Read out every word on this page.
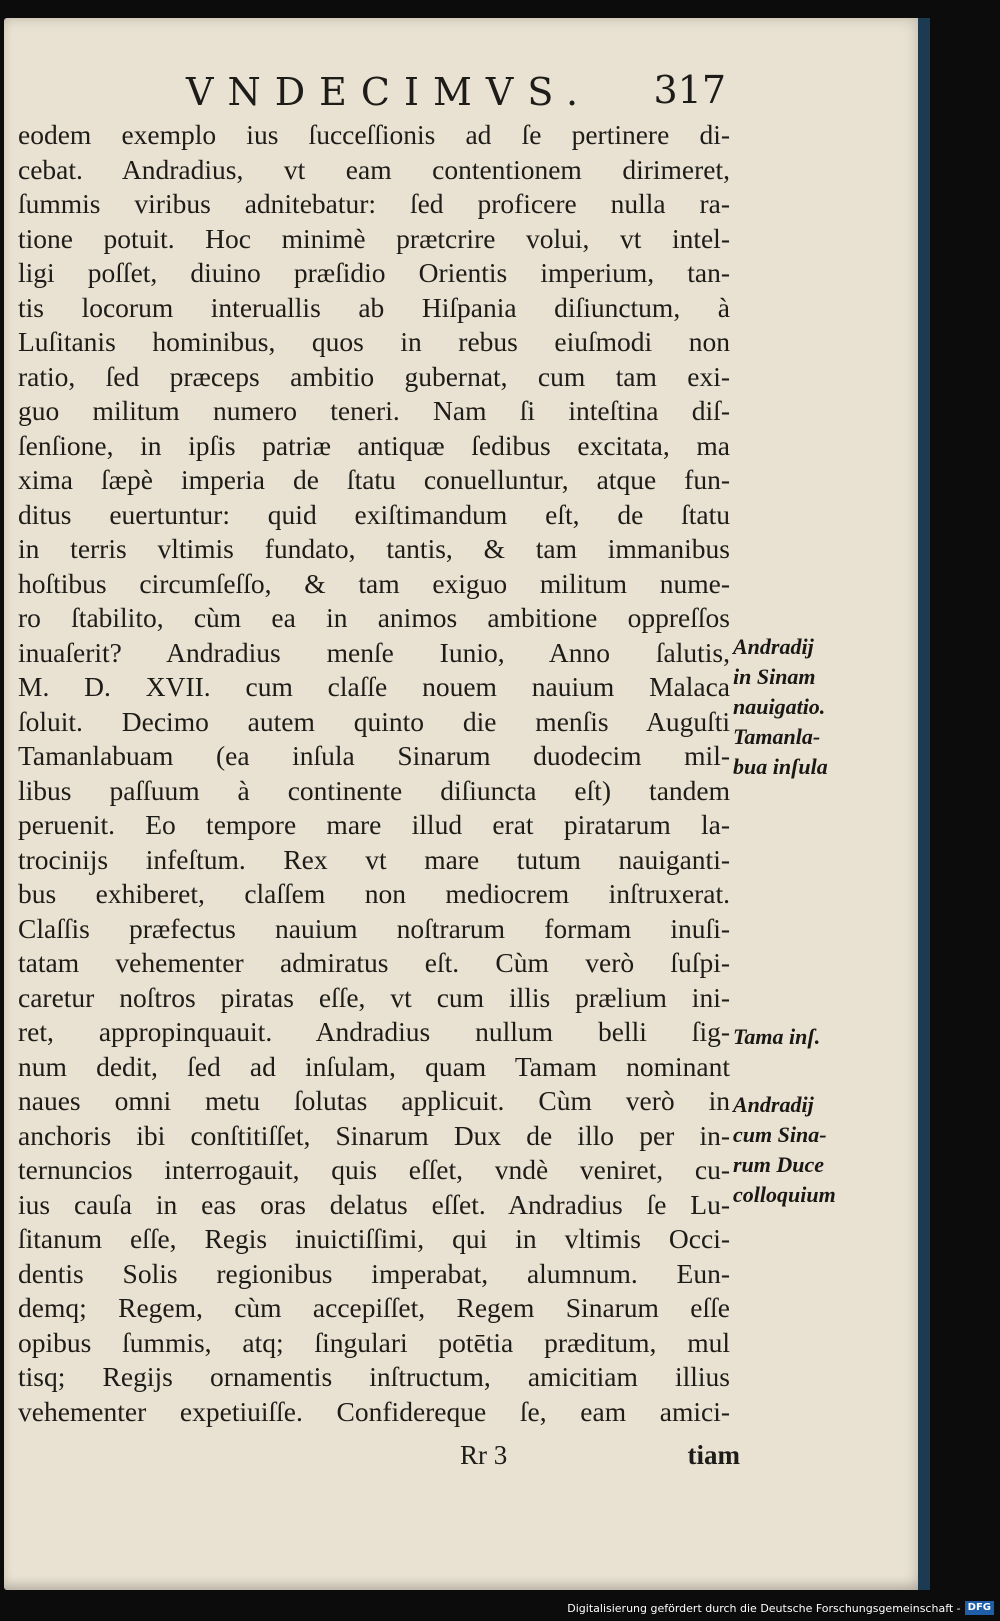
VNDECIMVS. 317
eodem exemplo ius ſucceſſionis ad ſe pertinere di-
cebat. Andradius, vt eam contentionem dirimeret,
ſummis viribus adnitebatur: ſed proficere nulla ra-
tione potuit. Hoc minimè prætcrire volui, vt intel-
ligi poſſet, diuino præſidio Orientis imperium, tan-
tis locorum interuallis ab Hiſpania diſiunctum, à
Luſitanis hominibus, quos in rebus eiuſmodi non
ratio, ſed præceps ambitio gubernat, cum tam exi-
guo militum numero teneri. Nam ſi inteſtina diſ-
ſenſione, in ipſis patriæ antiquæ ſedibus excitata, ma
xima ſæpè imperia de ſtatu conuelluntur, atque fun-
ditus euertuntur: quid exiſtimandum eſt, de ſtatu
in terris vltimis fundato, tantis, & tam immanibus
hoſtibus circumſeſſo, & tam exiguo militum nume-
ro ſtabilito, cùm ea in animos ambitione oppreſſos
inuaſerit? Andradius menſe Iunio, Anno ſalutis,
M. D. XVII. cum claſſe nouem nauium Malaca
ſoluit. Decimo autem quinto die menſis Auguſti
Tamanlabuam (ea inſula Sinarum duodecim mil-
libus paſſuum à continente diſiuncta eſt) tandem
peruenit. Eo tempore mare illud erat piratarum la-
trocinijs infeſtum. Rex vt mare tutum nauiganti-
bus exhiberet, claſſem non mediocrem inſtruxerat.
Claſſis præfectus nauium noſtrarum formam inuſi-
tatam vehementer admiratus eſt. Cùm verò ſuſpi-
caretur noſtros piratas eſſe, vt cum illis prælium ini-
ret, appropinquauit. Andradius nullum belli ſig-
num dedit, ſed ad inſulam, quam Tamam nominant
naues omni metu ſolutas applicuit. Cùm verò in
anchoris ibi conſtitiſſet, Sinarum Dux de illo per in-
ternuncios interrogauit, quis eſſet, vndè veniret, cu-
ius cauſa in eas oras delatus eſſet. Andradius ſe Lu-
ſitanum eſſe, Regis inuictiſſimi, qui in vltimis Occi-
dentis Solis regionibus imperabat, alumnum. Eun-
demq; Regem, cùm accepiſſet, Regem Sinarum eſſe
opibus ſummis, atq; ſingulari potētia præditum, mul
tisq; Regijs ornamentis inſtructum, amicitiam illius
vehementer expetiuiſſe. Confidereque ſe, eam amici-
Andradij
in Sinam
nauigatio.
Tamanla-
bua inſula
Tama inſ.
Andradij
cum Sina-
rum Duce
colloquium
Rr 3	tiam
Digitalisierung gefördert durch die Deutsche Forschungsgemeinschaft - DFG
